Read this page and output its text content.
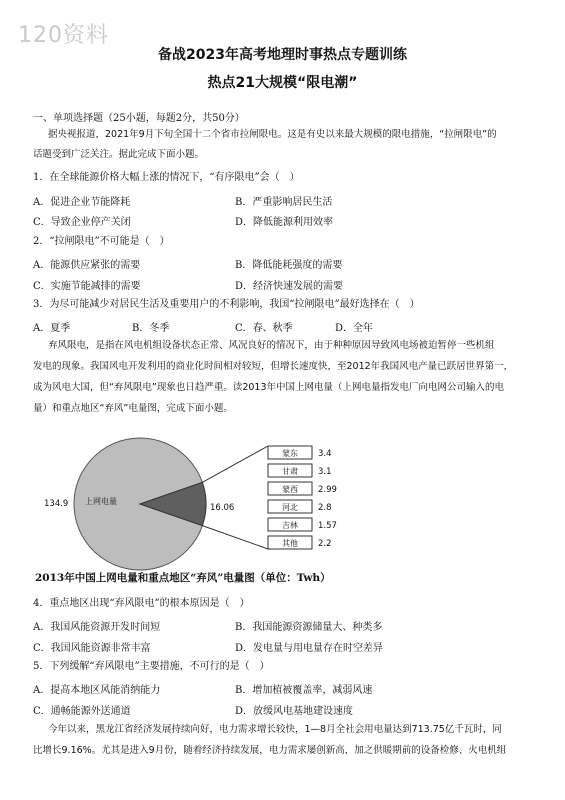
120资料
备战2023年高考地理时事热点专题训练
热点21大规模“限电潮”
一、单项选择题（25小题，每题2分，共50分）
据央视报道，2021年9月下旬全国十二个省市拉闸限电。这是有史以来最大规模的限电措施，“拉闸限电”的
话题受到广泛关注。据此完成下面小题。
1．在全球能源价格大幅上涨的情况下，“有序限电”会（　）
A．促进企业节能降耗	B．严重影响居民生活
C．导致企业停产关闭	D．降低能源利用效率
2．“拉闸限电”不可能是（　）
A．能源供应紧张的需要	B．降低能耗强度的需要
C．实施节能减排的需要	D．经济快速发展的需要
3．为尽可能减少对居民生活及重要用户的不利影响，我国“拉闸限电”最好选择在（　）
A．夏季	B．冬季	C．春、秋季	D．全年
弃风限电，是指在风电机组设备状态正常、风况良好的情况下，由于种种原因导致风电场被迫暂停一些机组
发电的现象。我国风电开发利用的商业化时间相对较短，但增长速度快，至2012年我国风电产量已跃居世界第一，
成为风电大国，但“弃风限电”现象也日趋严重。读2013年中国上网电量（上网电量指发电厂向电网公司输入的电
量）和重点地区“弃风”电量图，完成下面小题。
134.9 上网电量
16.06
蒙东 3.4
甘肃 3.1
蒙西 2.99
河北 2.8
吉林 1.57
其他 2.2
2013年中国上网电量和重点地区“弃风”电量图（单位：Twh）
4．重点地区出现“弃风限电”的根本原因是（　）
A．我国风能资源开发时间短	B．我国能源资源储量大、种类多
C．我国风能资源非常丰富	D．发电量与用电量存在时空差异
5．下列缓解“弃风限电”主要措施，不可行的是（　）
A．提高本地区风能消纳能力	B．增加植被覆盖率，减弱风速
C．通畅能源外送通道	D．放缓风电基地建设速度
今年以来，黑龙江省经济发展持续向好，电力需求增长较快，1—8月全社会用电量达到713.75亿千瓦时，同
比增长9.16%。尤其是进入9月份，随着经济持续发展，电力需求屡创新高，加之供暖期前的设备检修、火电机组
